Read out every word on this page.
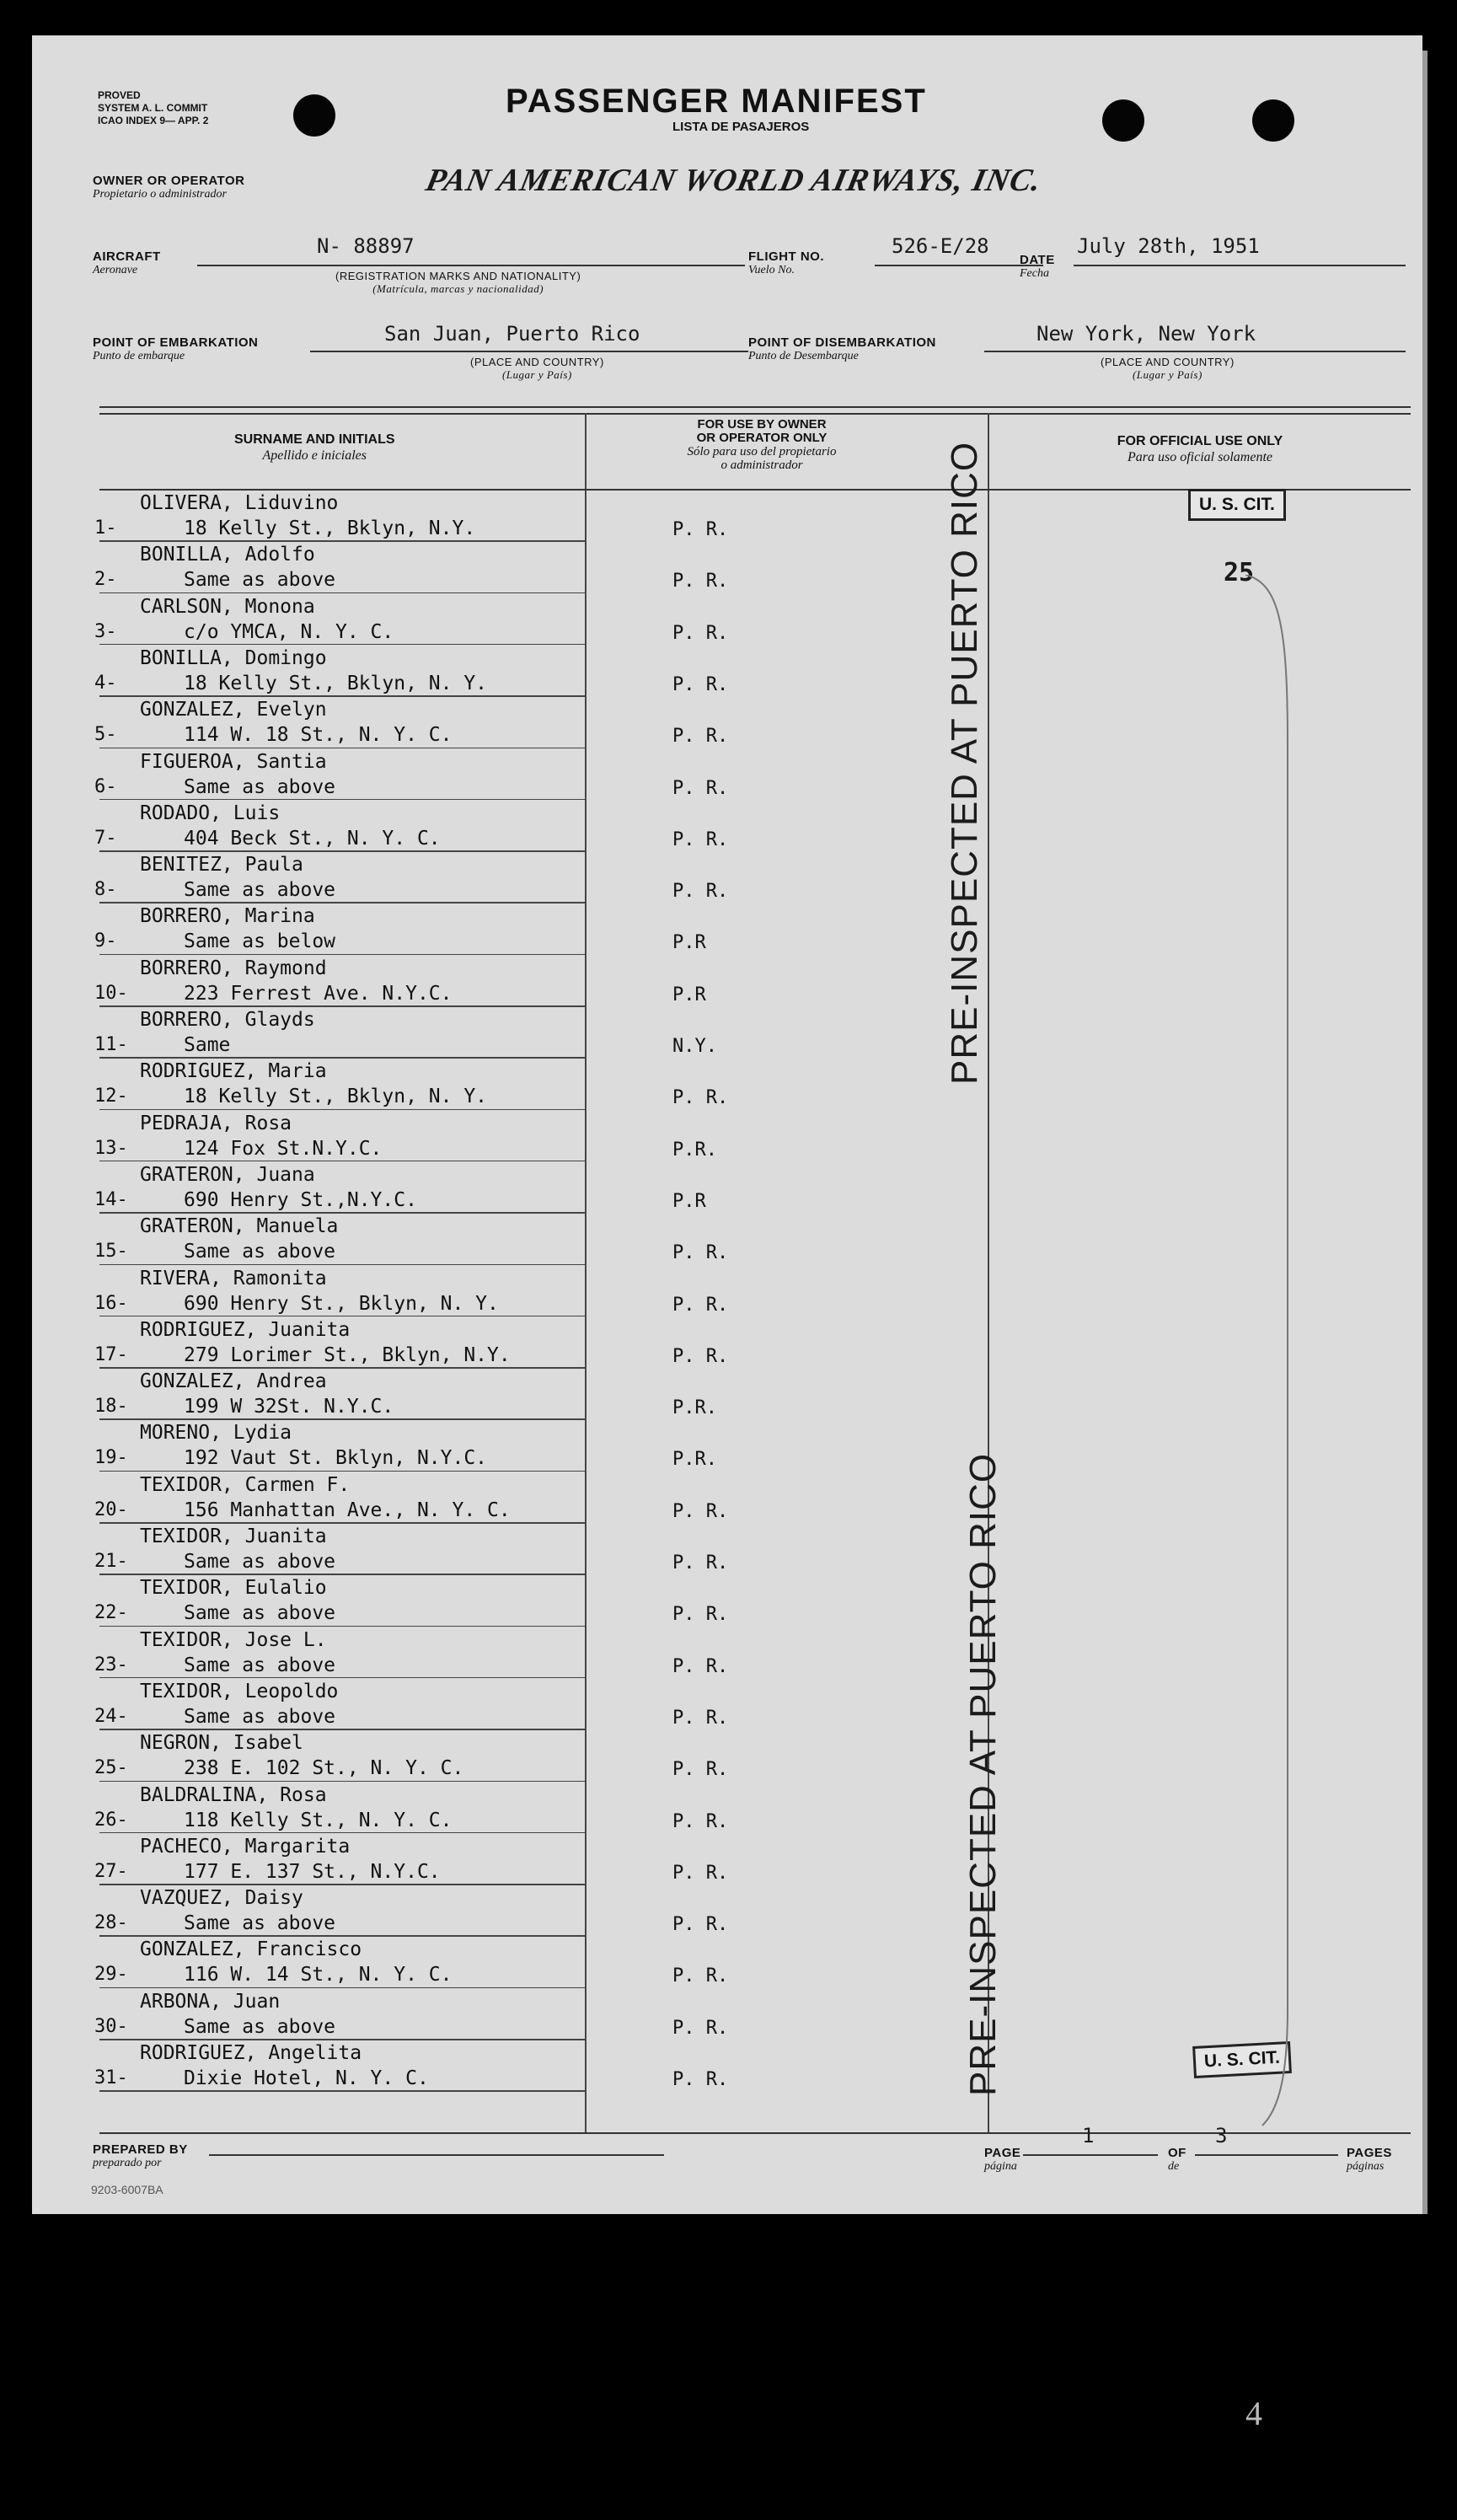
PROVED
SYSTEM A. L. COMMIT
ICAO INDEX 9— APP. 2
PASSENGER MANIFEST
LISTA DE PASAJEROS
OWNER OR OPERATOR
Propietario o administrador	PAN AMERICAN WORLD AIRWAYS, INC.
AIRCRAFT
Aeronave
N- 88897
(REGISTRATION MARKS AND NATIONALITY)
(Matrícula, marcas y nacionalidad)
FLIGHT NO.
Vuelo No.
526-E/28
DATE
Fecha
July 28th, 1951
POINT OF EMBARKATION
Punto de embarque
San Juan, Puerto Rico
(PLACE AND COUNTRY)
(Lugar y País)
POINT OF DISEMBARKATION
Punto de Desembarque
New York, New York
(PLACE AND COUNTRY)
(Lugar y País)
SURNAME AND INITIALS
Apellido e iniciales
FOR USE BY OWNER
OR OPERATOR ONLY
Sólo para uso del propietario
o administrador
FOR OFFICIAL USE ONLY
Para uso oficial solamente
OLIVERA, Liduvino
1-	18 Kelly St., Bklyn, N.Y.	P. R.
BONILLA, Adolfo
2-	Same as above	P. R.
CARLSON, Monona
3-	c/o YMCA, N. Y. C.	P. R.
BONILLA, Domingo
4-	18 Kelly St., Bklyn, N. Y.	P. R.
GONZALEZ, Evelyn
5-	114 W. 18 St., N. Y. C.	P. R.
FIGUEROA, Santia
6-	Same as above	P. R.
RODADO, Luis
7-	404 Beck St., N. Y. C.	P. R.
BENITEZ, Paula
8-	Same as above	P. R.
BORRERO, Marina
9-	Same as below	P.R
BORRERO, Raymond
10-	223 Ferrest Ave. N.Y.C.	P.R
BORRERO, Glayds
11-	Same	N.Y.
RODRIGUEZ, Maria
12-	18 Kelly St., Bklyn, N. Y.	P. R.
PEDRAJA, Rosa
13-	124 Fox St.N.Y.C.	P.R.
GRATERON, Juana
14-	690 Henry St.,N.Y.C.	P.R
GRATERON, Manuela
15-	Same as above	P. R.
RIVERA, Ramonita
16-	690 Henry St., Bklyn, N. Y.	P. R.
RODRIGUEZ, Juanita
17-	279 Lorimer St., Bklyn, N.Y.	P. R.
GONZALEZ, Andrea
18-	199 W 32St. N.Y.C.	P.R.
MORENO, Lydia
19-	192 Vaut St. Bklyn, N.Y.C.	P.R.
TEXIDOR, Carmen F.
20-	156 Manhattan Ave., N. Y. C.	P. R.
TEXIDOR, Juanita
21-	Same as above	P. R.
TEXIDOR, Eulalio
22-	Same as above	P. R.
TEXIDOR, Jose L.
23-	Same as above	P. R.
TEXIDOR, Leopoldo
24-	Same as above	P. R.
NEGRON, Isabel
25-	238 E. 102 St., N. Y. C.	P. R.
BALDRALINA, Rosa
26-	118 Kelly St., N. Y. C.	P. R.
PACHECO, Margarita
27-	177 E. 137 St., N.Y.C.	P. R.
VAZQUEZ, Daisy
28-	Same as above	P. R.
GONZALEZ, Francisco
29-	116 W. 14 St., N. Y. C.	P. R.
ARBONA, Juan
30-	Same as above	P. R.
RODRIGUEZ, Angelita
31-	Dixie Hotel, N. Y. C.	P. R.
U. S. CIT.
25
U. S. CIT.
PRE-INSPECTED AT PUERTO RICO
PRE-INSPECTED AT PUERTO RICO
PREPARED BY
preparado por
PAGE
página
1
OF
de
3
PAGES
páginas
9203-6007BA
4
